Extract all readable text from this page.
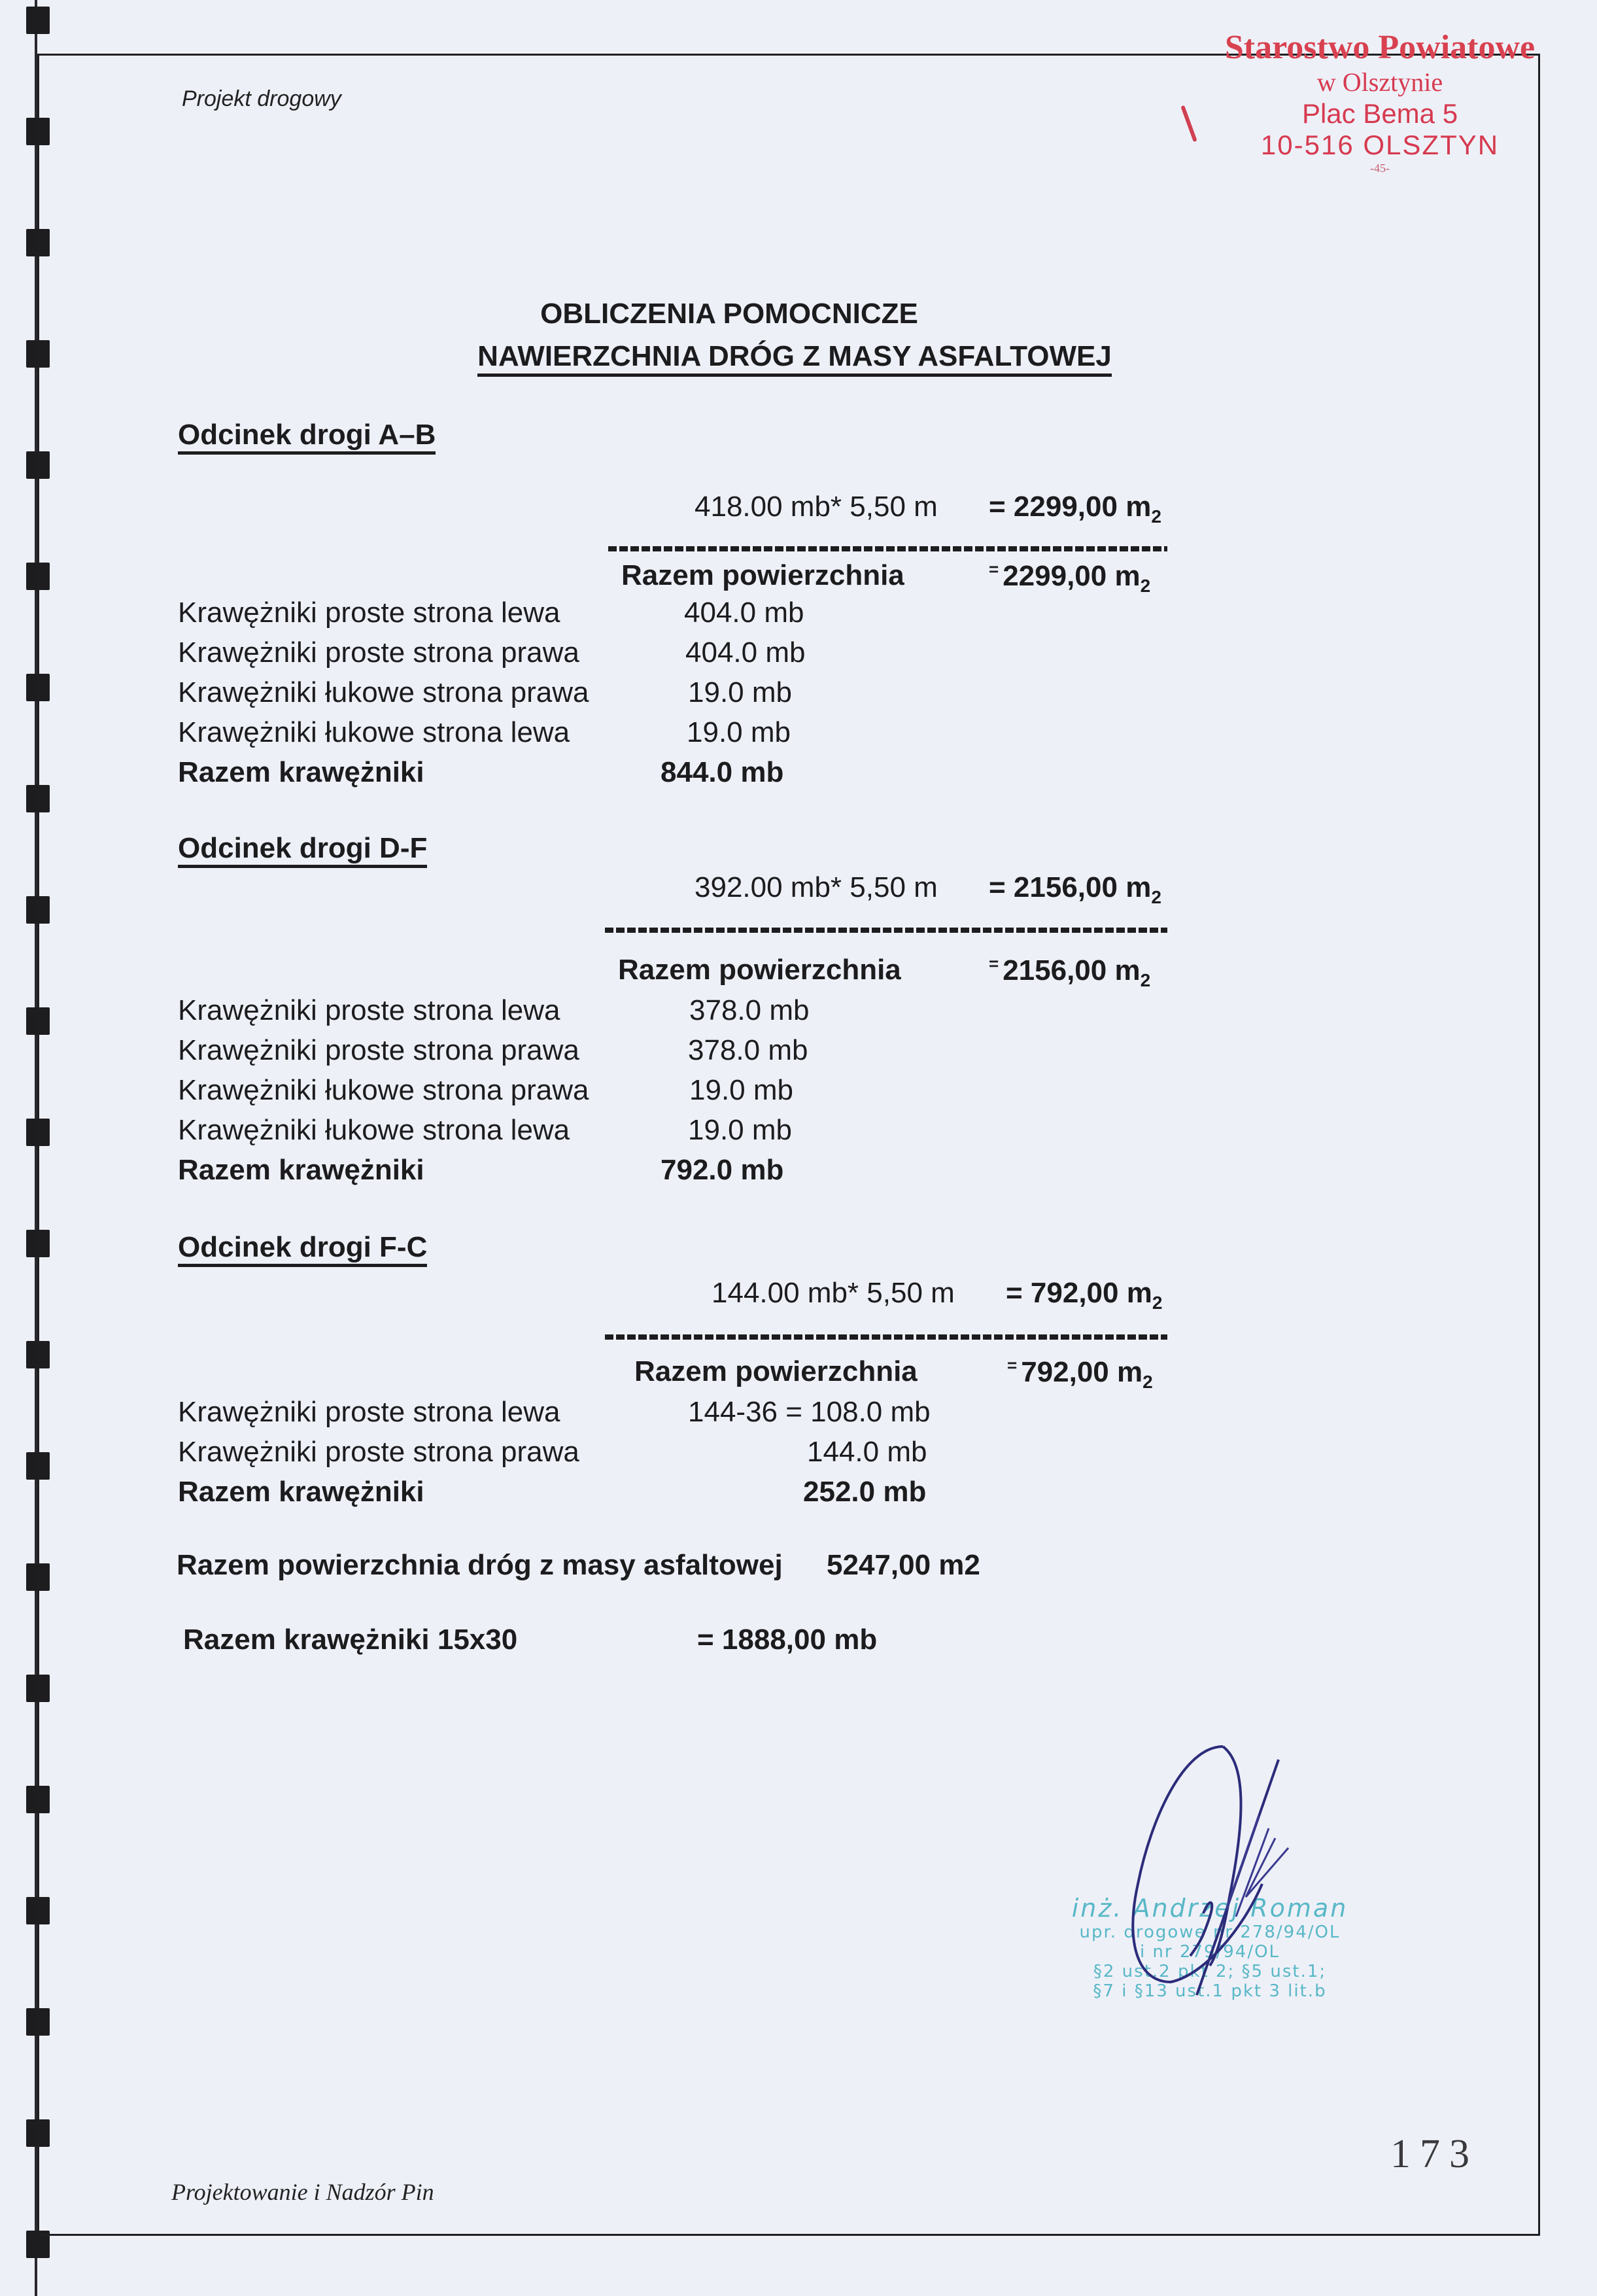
Projekt drogowy
Starostwo Powiatowe
w Olsztynie
Plac Bema 5
10-516 OLSZTYN
-45-
OBLICZENIA POMOCNICZE
NAWIERZCHNIA DRÓG Z MASY ASFALTOWEJ
Odcinek drogi A–B
418.00 mb* 5,50 m = 2299,00 $m_2$
Razem powierzchnia	= 2299,00 $m_2$
Krawężniki proste strona lewa	404.0 mb
Krawężniki proste strona prawa	404.0 mb
Krawężniki łukowe strona prawa	19.0 mb
Krawężniki łukowe strona lewa	19.0 mb
Razem krawężniki	844.0 mb
Odcinek drogi D-F
392.00 mb* 5,50 m = 2156,00 $m_2$
Razem powierzchnia	= 2156,00 $m_2$
Krawężniki proste strona lewa	378.0 mb
Krawężniki proste strona prawa	378.0 mb
Krawężniki łukowe strona prawa	19.0 mb
Krawężniki łukowe strona lewa	19.0 mb
Razem krawężniki	792.0 mb
Odcinek drogi F-C
144.00 mb* 5,50 m = 792,00 $m_2$
Razem powierzchnia	= 792,00 $m_2$
Krawężniki proste strona lewa	144-36 = 108.0 mb
Krawężniki proste strona prawa	144.0 mb
Razem krawężniki	252.0 mb
Razem powierzchnia dróg z masy asfaltowej 5247,00 m2
Razem krawężniki 15x30	= 1888,00 mb
inż. Andrzej Roman
upr. drogowe nr 278/94/OL
i nr 279/94/OL
§2 ust.2 pkt 2; §5 ust.1;
§7 i §13 ust.1 pkt 3 lit.b
173
Projektowanie i Nadzór Pin
